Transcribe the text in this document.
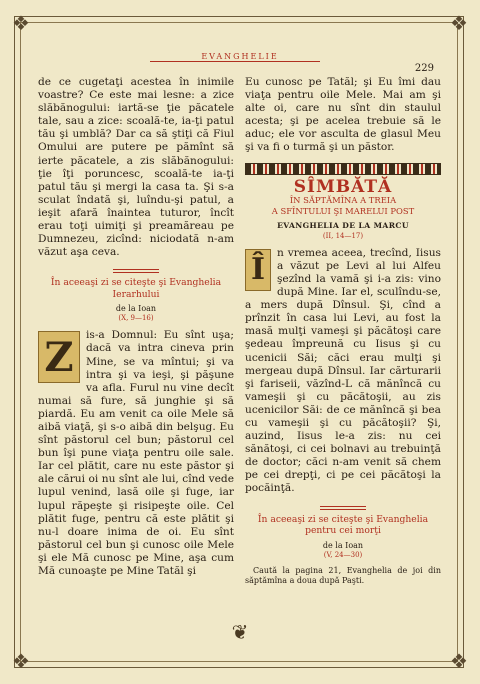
❖	❖
❖	❖
EVANGHELIE
229

de ce cugetaţi acestea în inimile voastre? Ce este mai lesne: a zice slăbănogului: iartă-se ţie păcatele tale, sau a zice: scoală-te, ia-ţi patul tău şi umblă? Dar ca să ştiţi că Fiul Omului are putere pe pămînt să ierte păcatele, a zis slăbănogului: ţie îţi poruncesc, scoală-te ia-ţi patul tău şi mergi la casa ta. Şi s-a sculat îndată şi, luîndu-şi patul, a ieşit afară înaintea tuturor, încît erau toţi uimiţi şi preamăreau pe Dumnezeu, zicînd: niciodată n-am văzut aşa ceva.

În aceeaşi zi se citeşte şi Evanghelia Ierarhului

de la Ioan

(X, 9—16)

Z	is-a Domnul: Eu sînt uşa; dacă va intra cineva prin Mine, se va mîntui; şi va intra şi va ieşi, şi păşune va afla. Furul nu vine decît numai să fure, să junghie şi să piardă. Eu am venit ca oile Mele să aibă viaţă, şi s-o aibă din belşug. Eu sînt păstorul cel bun; păstorul cel bun îşi pune viaţa pentru oile sale. Iar cel plătit, care nu este păstor şi ale cărui oi nu sînt ale lui, cînd vede lupul venind, lasă oile şi fuge, iar lupul răpeşte şi risipeşte oile. Cel plătit fuge, pentru că este plătit şi nu-l doare inima de oi. Eu sînt păstorul cel bun şi cunosc oile Mele şi ele Mă cunosc pe Mine, aşa cum Mă cunoaşte pe Mine Tatăl şi

Eu cunosc pe Tatăl; şi Eu îmi dau viaţa pentru oile Mele. Mai am şi alte oi, care nu sînt din staulul acesta; şi pe acelea trebuie să le aduc; ele vor asculta de glasul Meu şi va fi o turmă şi un păstor.

SÎMBĂTĂ

ÎN SĂPTĂMÎNA A TREIA

A SFÎNTULUI ŞI MARELUI POST

EVANGHELIA DE LA MARCU

(II, 14—17)

Î	n vremea aceea, trecînd, Iisus a văzut pe Levi al lui Alfeu şezînd la vamă şi i-a zis: vino după Mine. Iar el, sculîndu-se, a mers după Dînsul. Şi, cînd a prînzit în casa lui Levi, au fost la masă mulţi vameşi şi păcătoşi care şedeau împreună cu Iisus şi cu ucenicii Săi; căci erau mulţi şi mergeau după Dînsul. Iar cărturarii şi fariseii, văzînd-L că mănîncă cu vameşii şi cu păcătoşii, au zis ucenicilor Săi: de ce mănîncă şi bea cu vameşii şi cu păcătoşii? Şi, auzind, Iisus le-a zis: nu cei sănătoşi, ci cei bolnavi au trebuinţă de doctor; căci n-am venit să chem pe cei drepţi, ci pe cei păcătoşi la pocăinţă.

În aceeaşi zi se citeşte şi Evanghelia pentru cei morţi

de la Ioan

(V, 24—30)

Caută la pagina 21, Evanghelia de joi din săptămîna a doua după Paşti.

❦
